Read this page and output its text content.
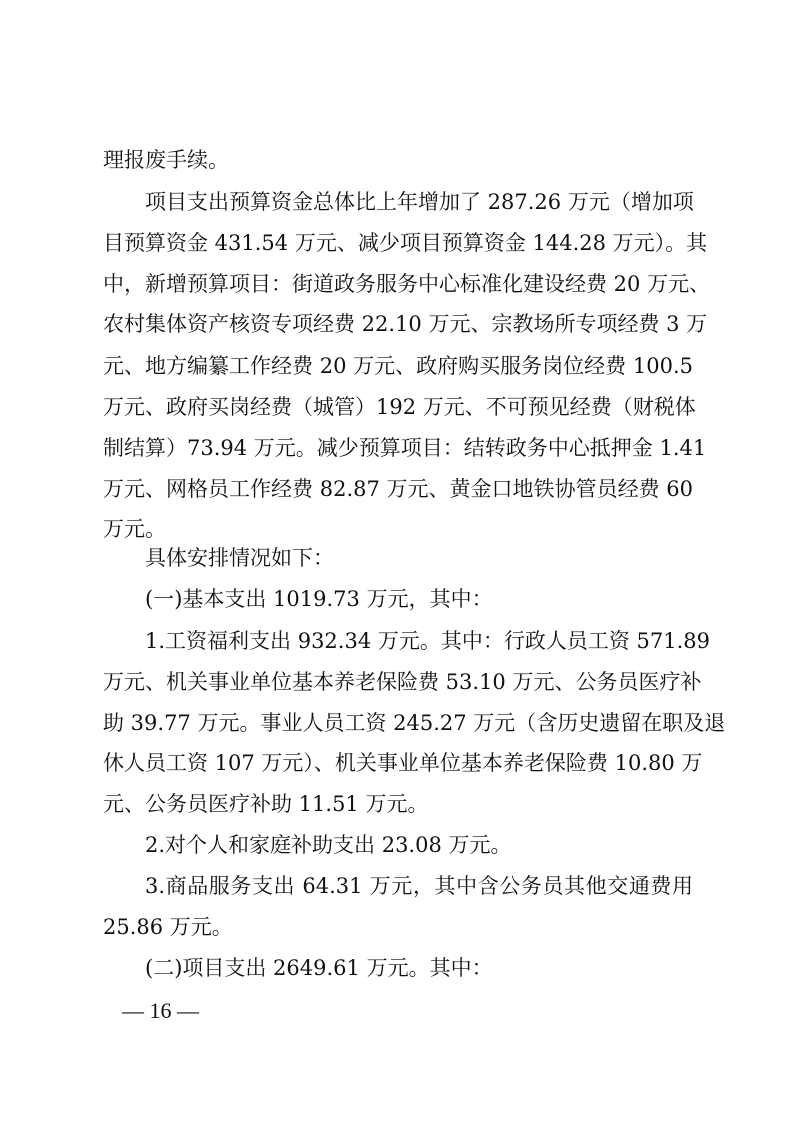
理报废手续。
项目支出预算资金总体比上年增加了 287.26 万元（增加项
目预算资金 431.54 万元、减少项目预算资金 144.28 万元）。其
中，新增预算项目：街道政务服务中心标准化建设经费 20 万元、
农村集体资产核资专项经费 22.10 万元、宗教场所专项经费 3 万
元、地方编纂工作经费 20 万元、政府购买服务岗位经费 100.5
万元、政府买岗经费（城管）192 万元、不可预见经费（财税体
制结算）73.94 万元。减少预算项目：结转政务中心抵押金 1.41
万元、网格员工作经费 82.87 万元、黄金口地铁协管员经费 60
万元。
具体安排情况如下：
(一)基本支出 1019.73 万元，其中：
1.工资福利支出 932.34 万元。其中：行政人员工资 571.89
万元、机关事业单位基本养老保险费 53.10 万元、公务员医疗补
助 39.77 万元。事业人员工资 245.27 万元（含历史遗留在职及退
休人员工资 107 万元）、机关事业单位基本养老保险费 10.80 万
元、公务员医疗补助 11.51 万元。
2.对个人和家庭补助支出 23.08 万元。
3.商品服务支出 64.31 万元，其中含公务员其他交通费用
25.86 万元。
(二)项目支出 2649.61 万元。其中：
— 16 —
